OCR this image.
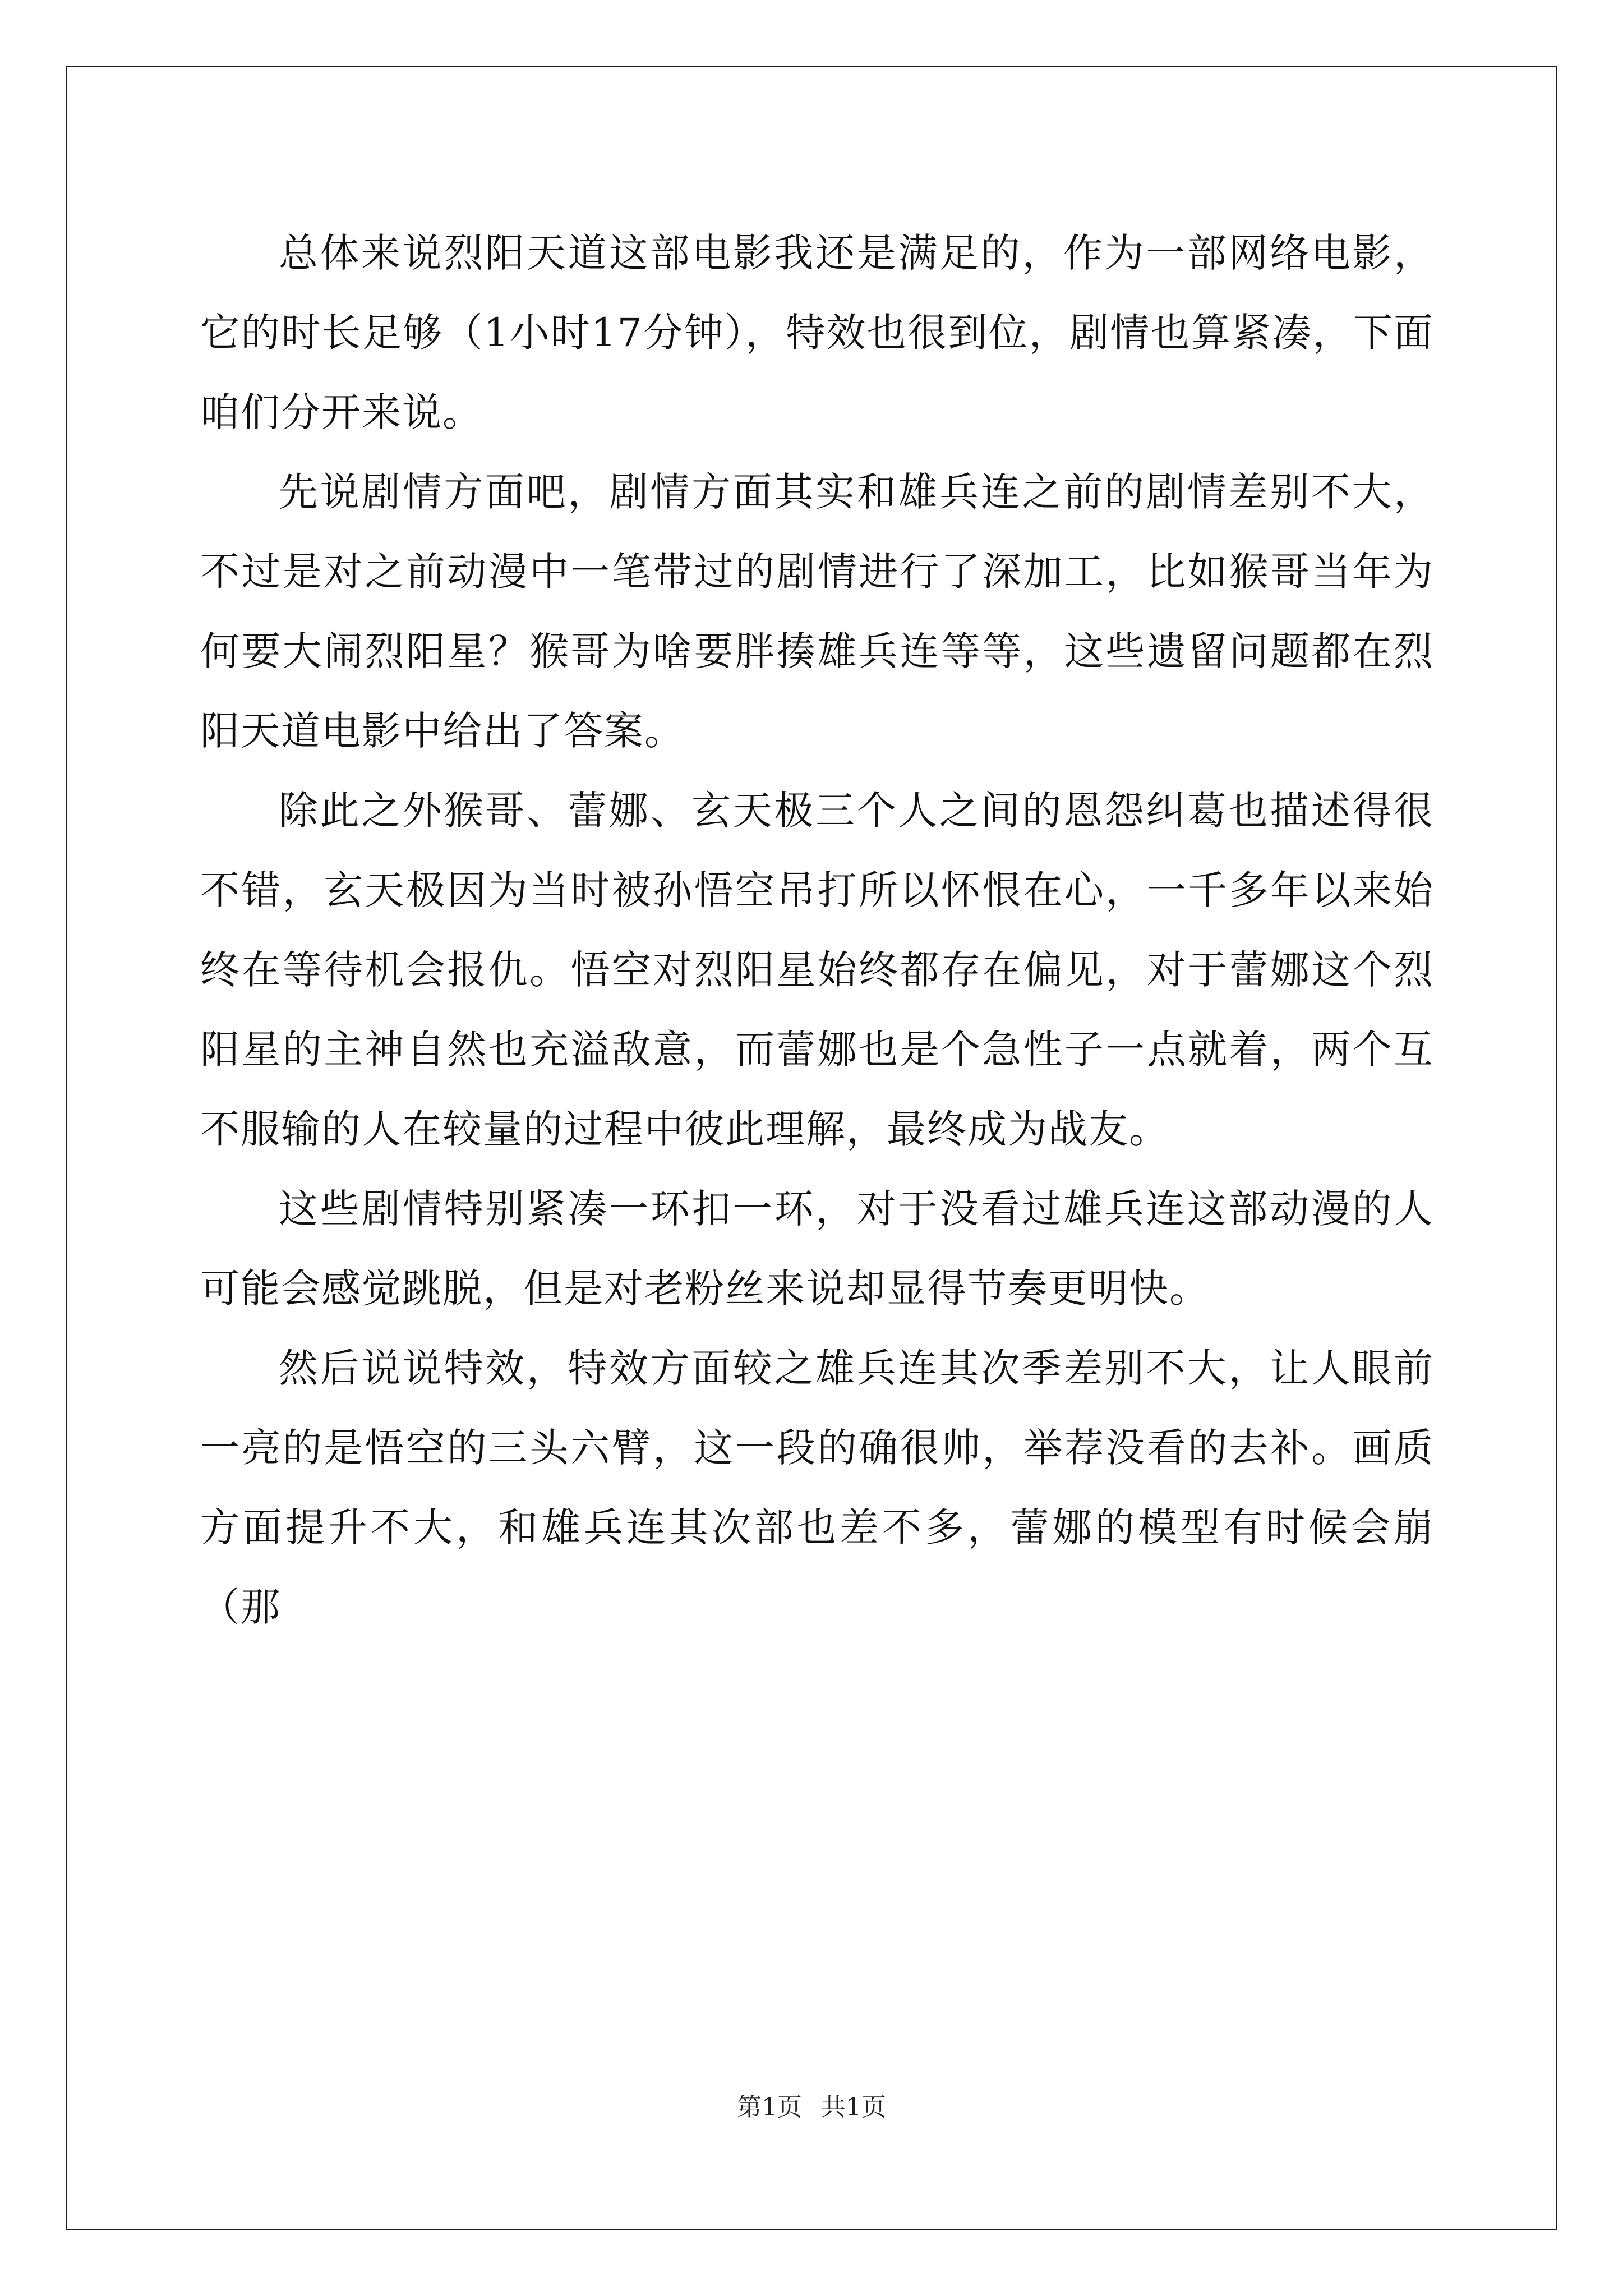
总体来说烈阳天道这部电影我还是满足的，作为一部网络电影，它的时长足够（1小时17分钟），特效也很到位，剧情也算紧凑，下面咱们分开来说。

先说剧情方面吧，剧情方面其实和雄兵连之前的剧情差别不大，不过是对之前动漫中一笔带过的剧情进行了深加工，比如猴哥当年为何要大闹烈阳星？猴哥为啥要胖揍雄兵连等等，这些遗留问题都在烈阳天道电影中给出了答案。

除此之外猴哥、蕾娜、玄天极三个人之间的恩怨纠葛也描述得很不错，玄天极因为当时被孙悟空吊打所以怀恨在心，一千多年以来始终在等待机会报仇。悟空对烈阳星始终都存在偏见，对于蕾娜这个烈阳星的主神自然也充溢敌意，而蕾娜也是个急性子一点就着，两个互不服输的人在较量的过程中彼此理解，最终成为战友。

这些剧情特别紧凑一环扣一环，对于没看过雄兵连这部动漫的人可能会感觉跳脱，但是对老粉丝来说却显得节奏更明快。

然后说说特效，特效方面较之雄兵连其次季差别不大，让人眼前一亮的是悟空的三头六臂，这一段的确很帅，举荐没看的去补。画质方面提升不大，和雄兵连其次部也差不多，蕾娜的模型有时候会崩（那

第1页 共1页
